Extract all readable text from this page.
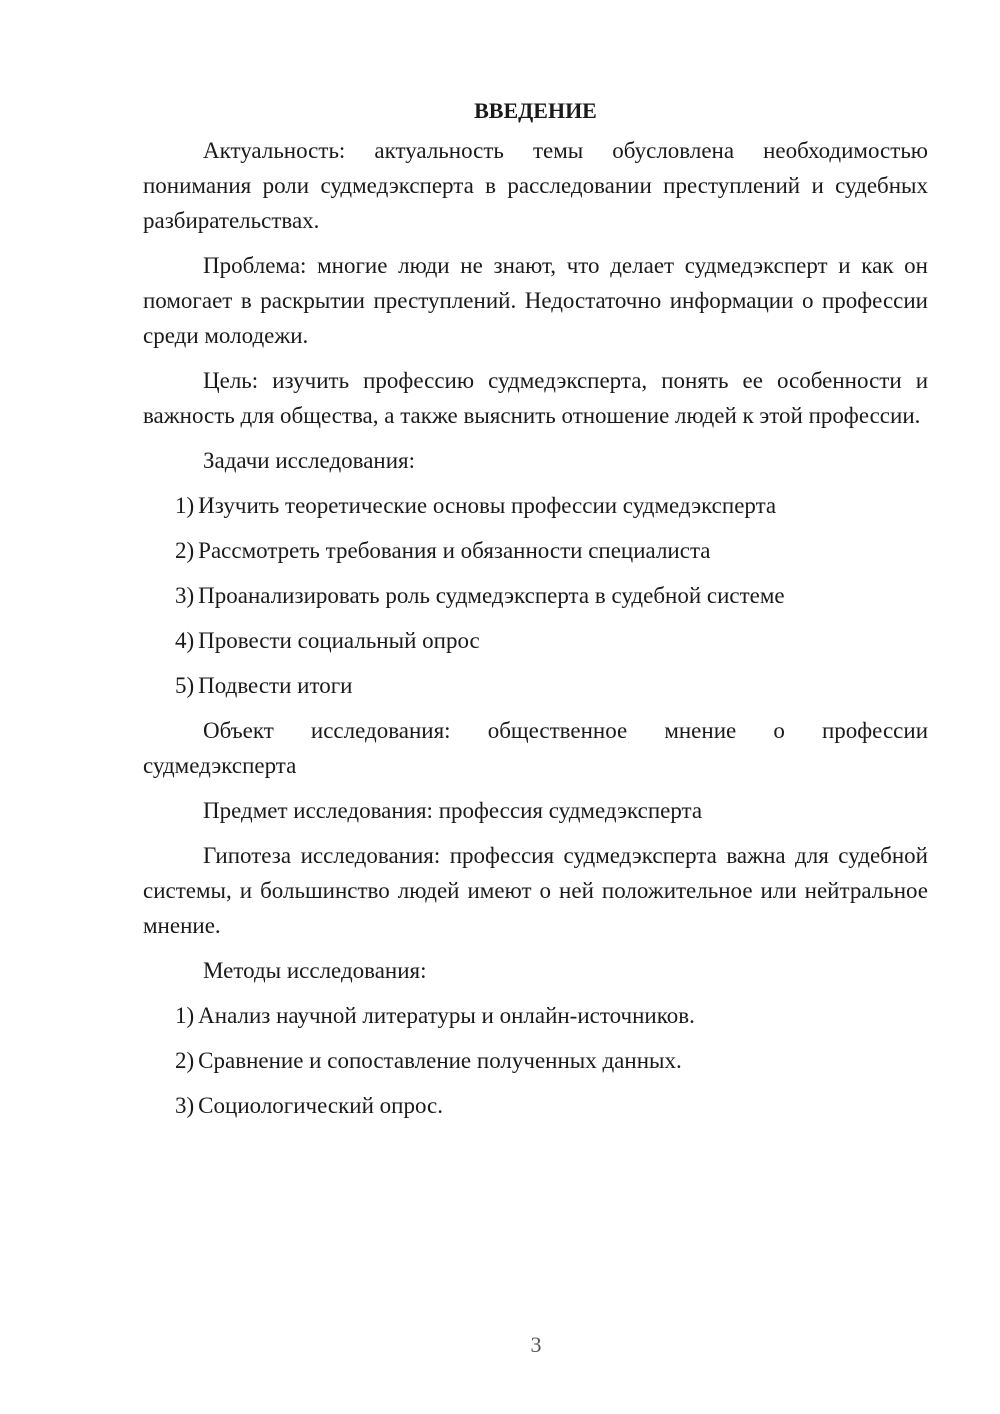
ВВЕДЕНИЕ

Актуальность: актуальность темы обусловлена необходимостью понимания роли судмедэксперта в расследовании преступлений и судебных разбирательствах.

Проблема: многие люди не знают, что делает судмедэксперт и как он помогает в раскрытии преступлений. Недостаточно информации о профессии среди молодежи.

Цель: изучить профессию судмедэксперта, понять ее особенности и важность для общества, а также выяснить отношение людей к этой профессии.

Задачи исследования:

1) Изучить теоретические основы профессии судмедэксперта
2) Рассмотреть требования и обязанности специалиста
3) Проанализировать роль судмедэксперта в судебной системе
4) Провести социальный опрос
5) Подвести итоги

Объект исследования: общественное мнение о профессии судмедэксперта

Предмет исследования: профессия судмедэксперта

Гипотеза исследования: профессия судмедэксперта важна для судебной системы, и большинство людей имеют о ней положительное или нейтральное мнение.

Методы исследования:

1) Анализ научной литературы и онлайн-источников.
2) Сравнение и сопоставление полученных данных.
3) Социологический опрос.
3
